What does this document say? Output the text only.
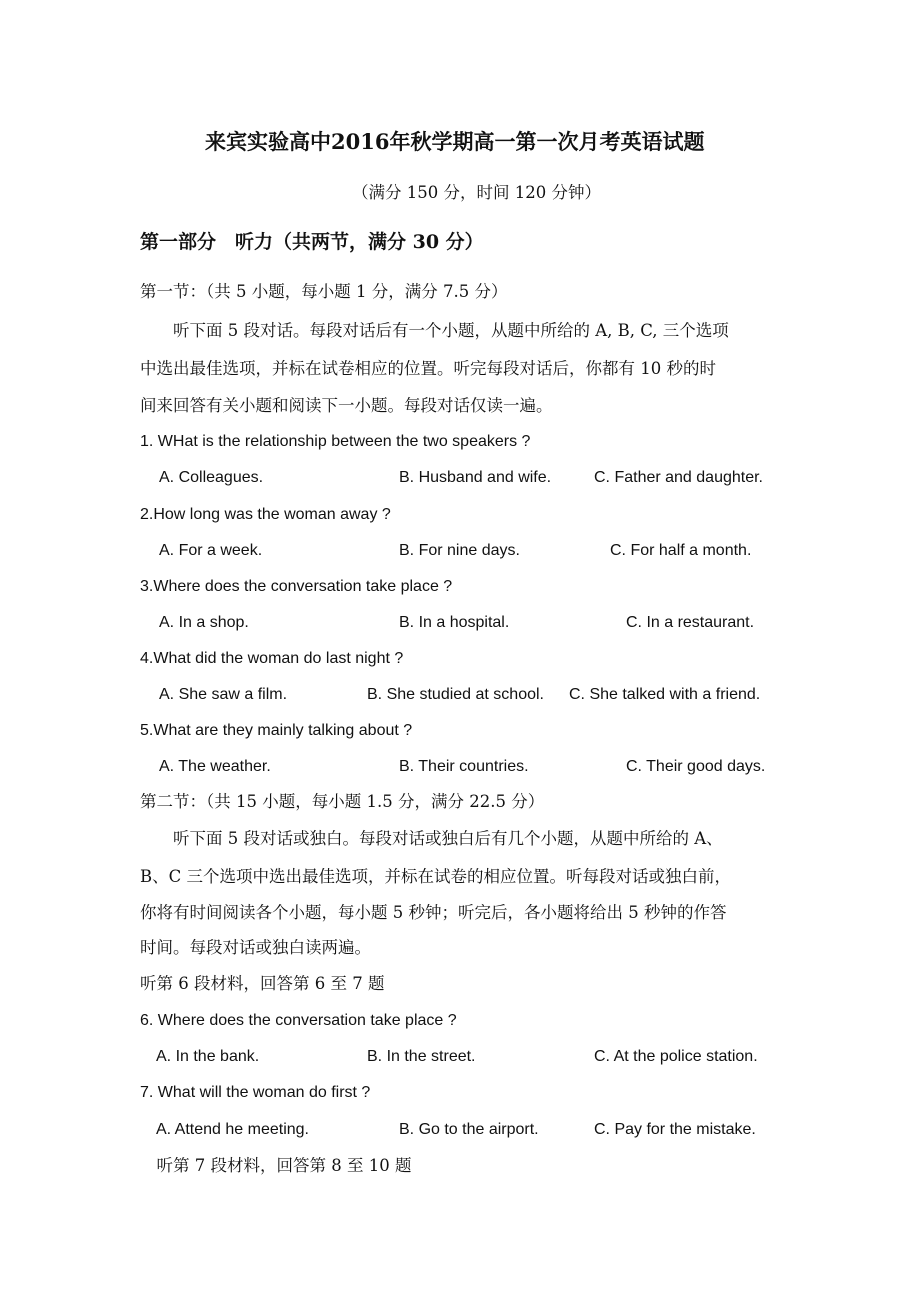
来宾实验高中2016年秋学期高一第一次月考英语试题
（满分 150 分，时间 120 分钟）
第一部分　听力（共两节，满分 30 分）
第一节：（共 5 小题，每小题 1 分，满分 7.5 分）
　　听下面 5 段对话。每段对话后有一个小题，从题中所给的 A, B, C, 三个选项
中选出最佳选项，并标在试卷相应的位置。听完每段对话后，你都有 10 秒的时
间来回答有关小题和阅读下一小题。每段对话仅读一遍。
1. WHat is the relationship between the two speakers ?
A. Colleagues.	B. Husband and wife.	C. Father and daughter.
2.How long was the woman away ?
A. For a week.	B. For nine days.	C. For half a month.
3.Where does the conversation take place ?
A. In a shop.	B. In a hospital.	C. In a restaurant.
4.What did the woman do last night ?
A. She saw a film.	B. She studied at school. C. She talked with a friend.
5.What are they mainly talking about ?
A. The weather.	B. Their countries.	C. Their good days.
第二节：（共 15 小题，每小题 1.5 分，满分 22.5 分）
　　听下面 5 段对话或独白。每段对话或独白后有几个小题，从题中所给的 A、
B、C 三个选项中选出最佳选项，并标在试卷的相应位置。听每段对话或独白前，
你将有时间阅读各个小题，每小题 5 秒钟；听完后，各小题将给出 5 秒钟的作答
时间。每段对话或独白读两遍。
听第 6 段材料，回答第 6 至 7 题
6. Where does the conversation take place ?
A. In the bank.	B. In the street.	C. At the police station.
7. What will the woman do first ?
A. Attend he meeting.	B. Go to the airport.	C. Pay for the mistake.
　听第 7 段材料，回答第 8 至 10 题
